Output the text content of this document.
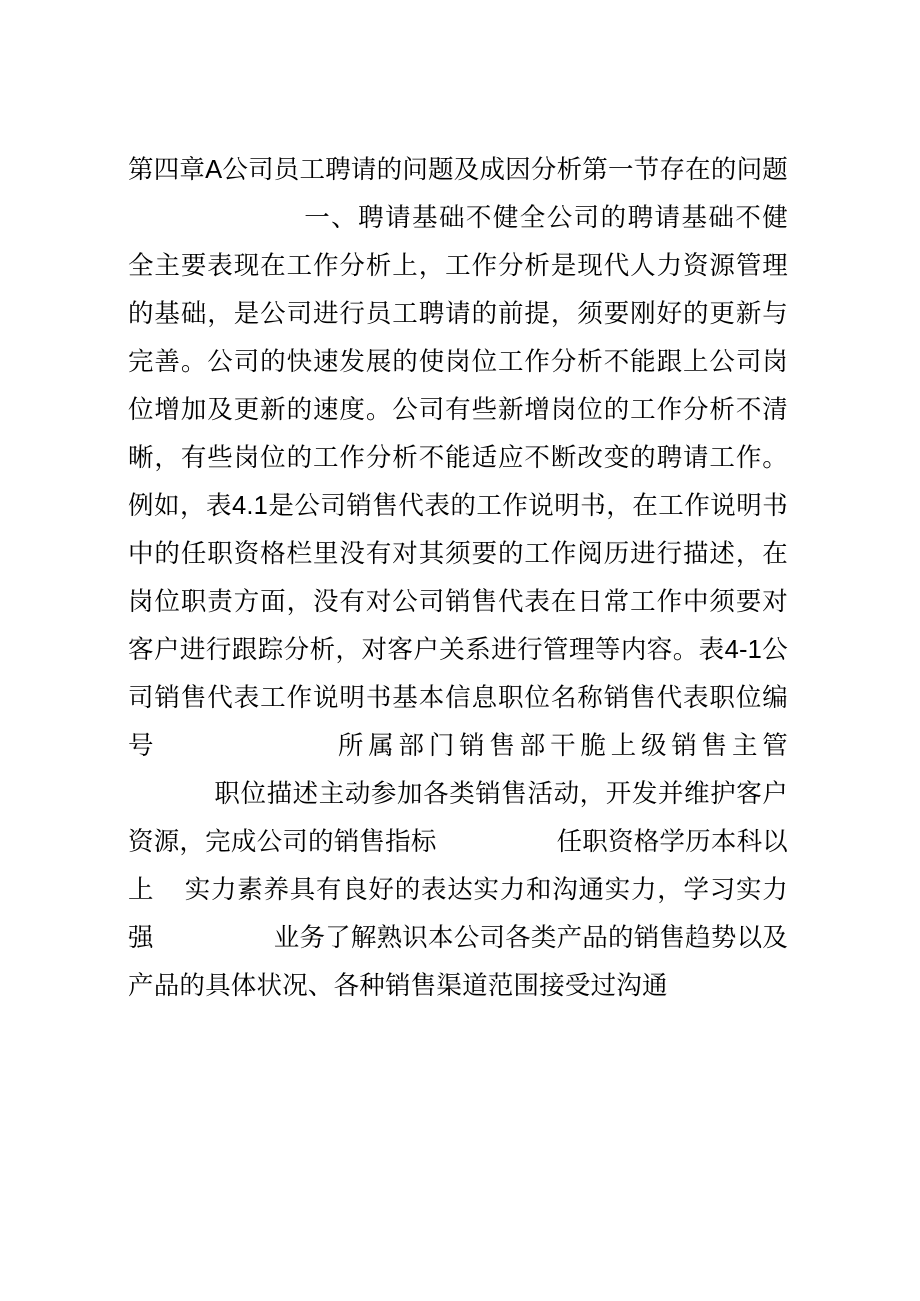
第四章A公司员工聘请的问题及成因分析第一节存在的问题一、聘请基础不健全公司的聘请基础不健全主要表现在工作分析上，工作分析是现代人力资源管理的基础，是公司进行员工聘请的前提，须要刚好的更新与完善。公司的快速发展的使岗位工作分析不能跟上公司岗位增加及更新的速度。公司有些新增岗位的工作分析不清晰，有些岗位的工作分析不能适应不断改变的聘请工作。例如，表4.1是公司销售代表的工作说明书，在工作说明书中的任职资格栏里没有对其须要的工作阅历进行描述，在岗位职责方面，没有对公司销售代表在日常工作中须要对客户进行跟踪分析，对客户关系进行管理等内容。表4-1公司销售代表工作说明书基本信息职位名称销售代表职位编号	所属部门销售部干脆上级销售主管职位描述主动参加各类销售活动，开发并维护客户资源，完成公司的销售指标	任职资格学历本科以上 实力素养具有良好的表达实力和沟通实力，学习实力强	业务了解熟识本公司各类产品的销售趋势以及产品的具体状况、各种销售渠道范围接受过沟通
